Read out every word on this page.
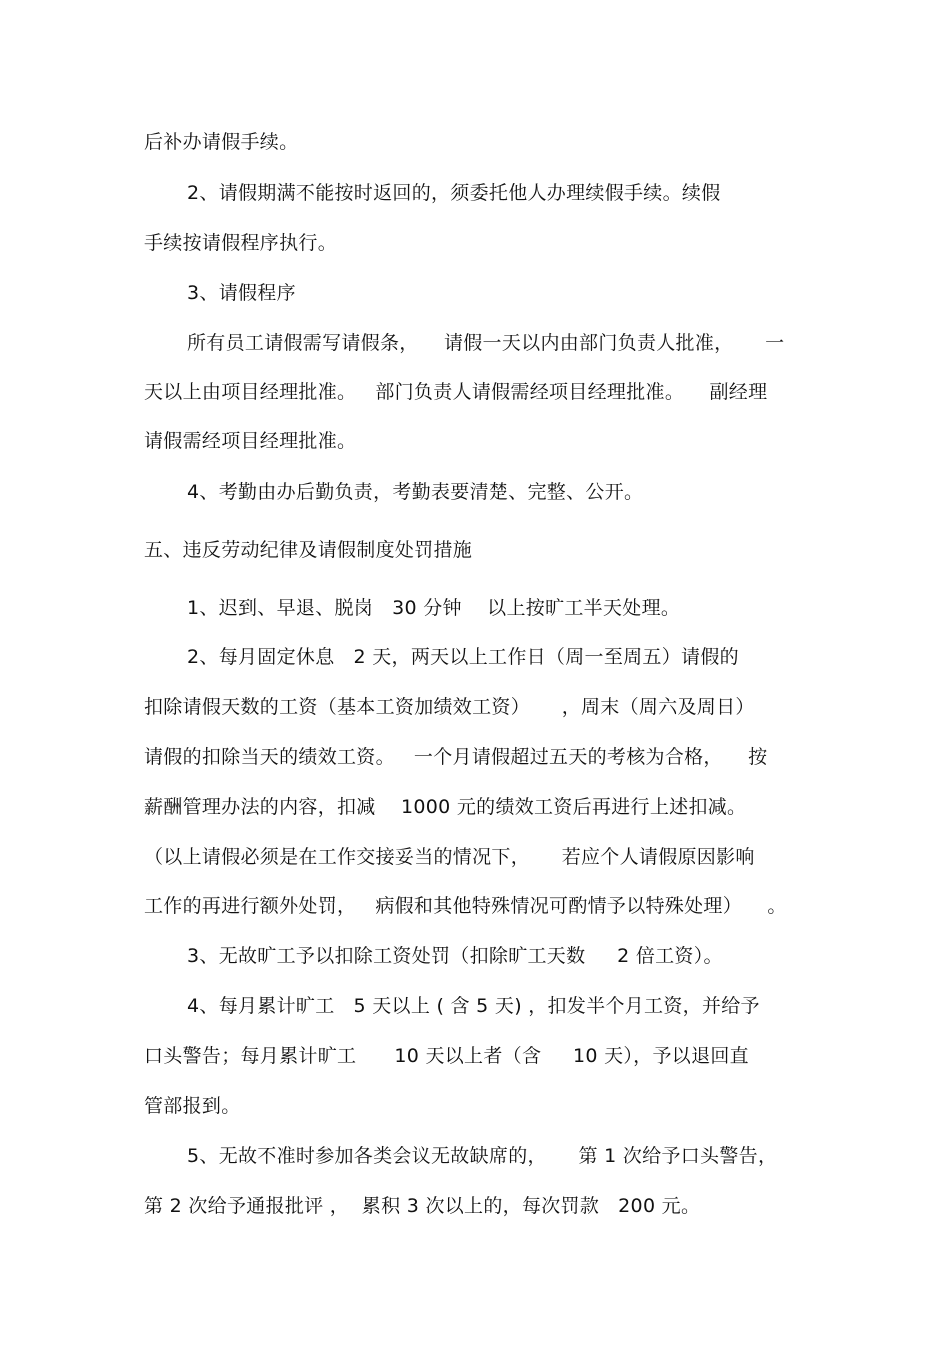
后补办请假手续。
2、请假期满不能按时返回的，须委托他人办理续假手续。续假
手续按请假程序执行。
3、请假程序
所有员工请假需写请假条，    请假一天以内由部门负责人批准，     一
天以上由项目经理批准。   部门负责人请假需经项目经理批准。    副经理
请假需经项目经理批准。
4、考勤由办后勤负责，考勤表要清楚、完整、公开。
五、违反劳动纪律及请假制度处罚措施
1、迟到、早退、脱岗   30 分钟    以上按旷工半天处理。
2、每月固定休息   2 天，两天以上工作日（周一至周五）请假的
扣除请假天数的工资（基本工资加绩效工资）     ，周末（周六及周日）
请假的扣除当天的绩效工资。   一个月请假超过五天的考核为合格，    按
薪酬管理办法的内容，扣减    1000 元的绩效工资后再进行上述扣减。
（以上请假必须是在工作交接妥当的情况下，     若应个人请假原因影响
工作的再进行额外处罚，   病假和其他特殊情况可酌情予以特殊处理）    。
3、无故旷工予以扣除工资处罚（扣除旷工天数     2 倍工资）。
4、每月累计旷工   5 天以上 ( 含 5 天) ，扣发半个月工资，并给予
口头警告；每月累计旷工      10 天以上者（含     10 天），予以退回直
管部报到。
5、无故不准时参加各类会议无故缺席的，     第 1 次给予口头警告，
第 2 次给予通报批评 ，  累积 3 次以上的，每次罚款   200 元。
